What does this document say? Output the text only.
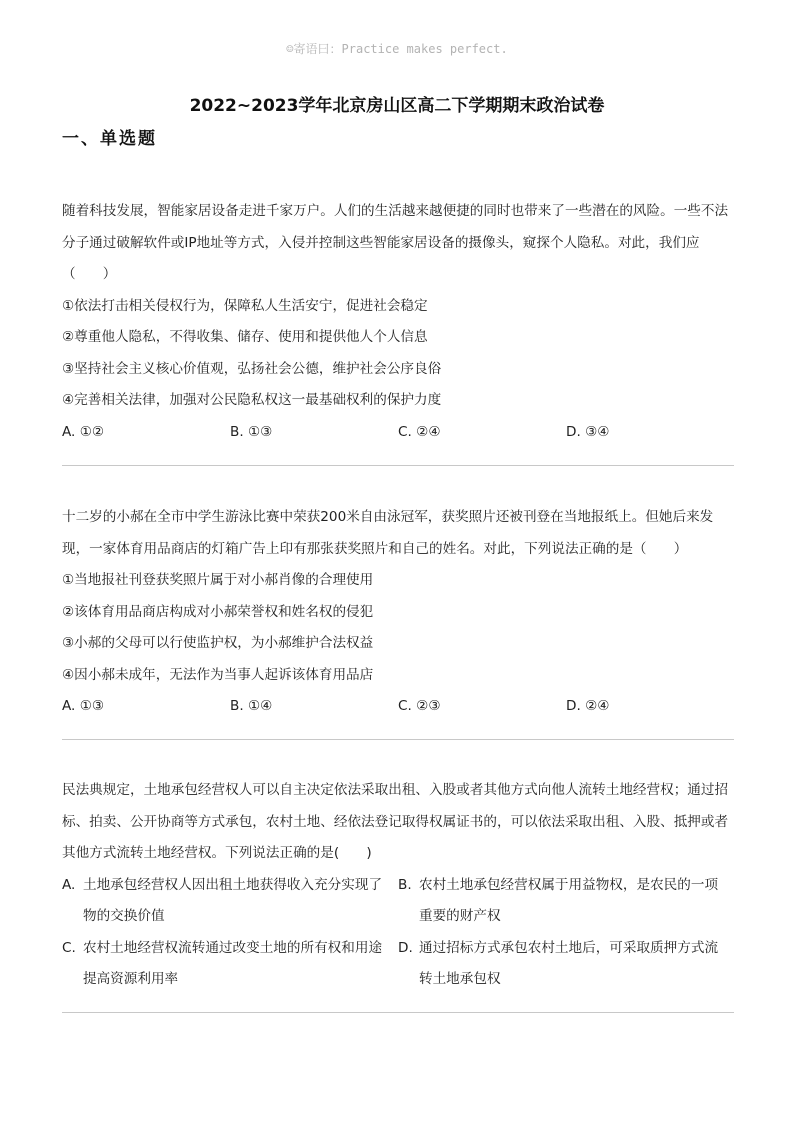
☺寄语曰：Practice makes perfect.
2022~2023学年北京房山区高二下学期期末政治试卷
一、单选题
随着科技发展，智能家居设备走进千家万户。人们的生活越来越便捷的同时也带来了一些潜在的风险。一些不法分子通过破解软件或IP地址等方式，入侵并控制这些智能家居设备的摄像头，窥探个人隐私。对此，我们应（　　）
①依法打击相关侵权行为，保障私人生活安宁，促进社会稳定
②尊重他人隐私，不得收集、储存、使用和提供他人个人信息
③坚持社会主义核心价值观，弘扬社会公德，维护社会公序良俗
④完善相关法律，加强对公民隐私权这一最基础权利的保护力度
A. ①②	B. ①③	C. ②④	D. ③④
十二岁的小郝在全市中学生游泳比赛中荣获200米自由泳冠军，获奖照片还被刊登在当地报纸上。但她后来发现，一家体育用品商店的灯箱广告上印有那张获奖照片和自己的姓名。对此，下列说法正确的是（　　）
①当地报社刊登获奖照片属于对小郝肖像的合理使用
②该体育用品商店构成对小郝荣誉权和姓名权的侵犯
③小郝的父母可以行使监护权，为小郝维护合法权益
④因小郝未成年，无法作为当事人起诉该体育用品店
A. ①③	B. ①④	C. ②③	D. ②④
民法典规定，土地承包经营权人可以自主决定依法采取出租、入股或者其他方式向他人流转土地经营权；通过招标、拍卖、公开协商等方式承包，农村土地、经依法登记取得权属证书的，可以依法采取出租、入股、抵押或者其他方式流转土地经营权。下列说法正确的是(　　)
A. 土地承包经营权人因出租土地获得收入充分实现了物的交换价值
B. 农村土地承包经营权属于用益物权，是农民的一项重要的财产权
C. 农村土地经营权流转通过改变土地的所有权和用途提高资源利用率
D. 通过招标方式承包农村土地后，可采取质押方式流转土地承包权
